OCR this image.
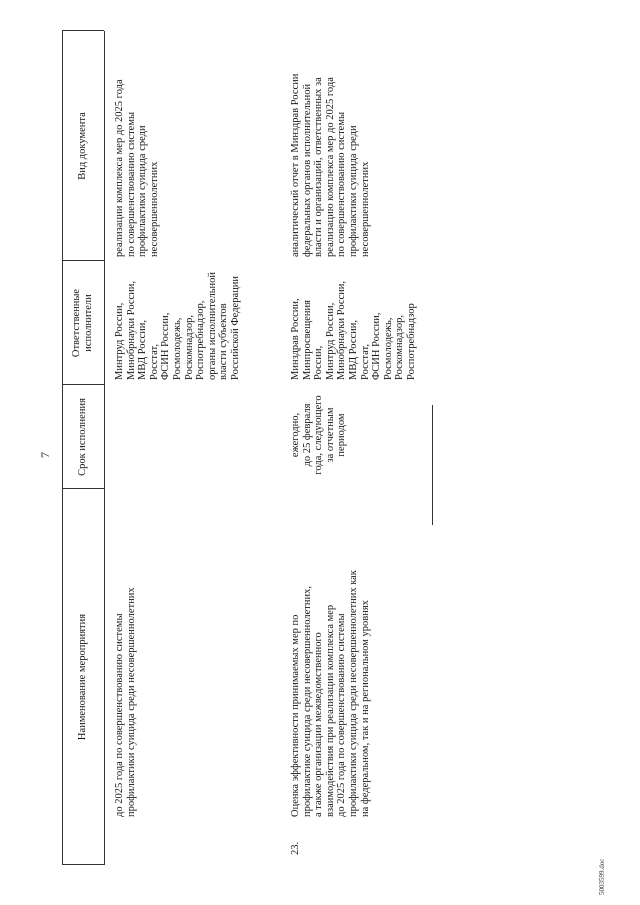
7
Наименование мероприятия
Срок исполнения
Ответственные
исполнители
Вид документа
до 2025 года по совершенствованию системы
профилактики суицида среди несовершеннолетних
Минтруд России,
Минобрнауки России,
МВД России,
Росстат,
ФСИН России,
Росмолодежь,
Роскомнадзор,
Роспотребнадзор,
органы исполнительной
власти субъектов
Российской Федерации
реализации комплекса мер до 2025 года
по совершенствованию системы
профилактики суицида среди
несовершеннолетних
23.
Оценка эффективности принимаемых мер по
профилактике суицида среди несовершеннолетних,
а также организации межведомственного
взаимодействия при реализации комплекса мер
до 2025 года по совершенствованию системы
профилактики суицида среди несовершеннолетних как
на федеральном, так и на региональном уровнях
ежегодно,
до 25 февраля
года, следующего
за отчетным
периодом
Минздрав России,
Минпросвещения
России,
Минтруд России,
Минобрнауки России,
МВД России,
Росстат,
ФСИН России,
Росмолодежь,
Роскомнадзор,
Роспотребнадзор
аналитический отчет в Минздрав России
федеральных органов исполнительной
власти и организаций, ответственных за
реализацию комплекса мер до 2025 года
по совершенствованию системы
профилактики суицида среди
несовершеннолетних
5003599.doc
